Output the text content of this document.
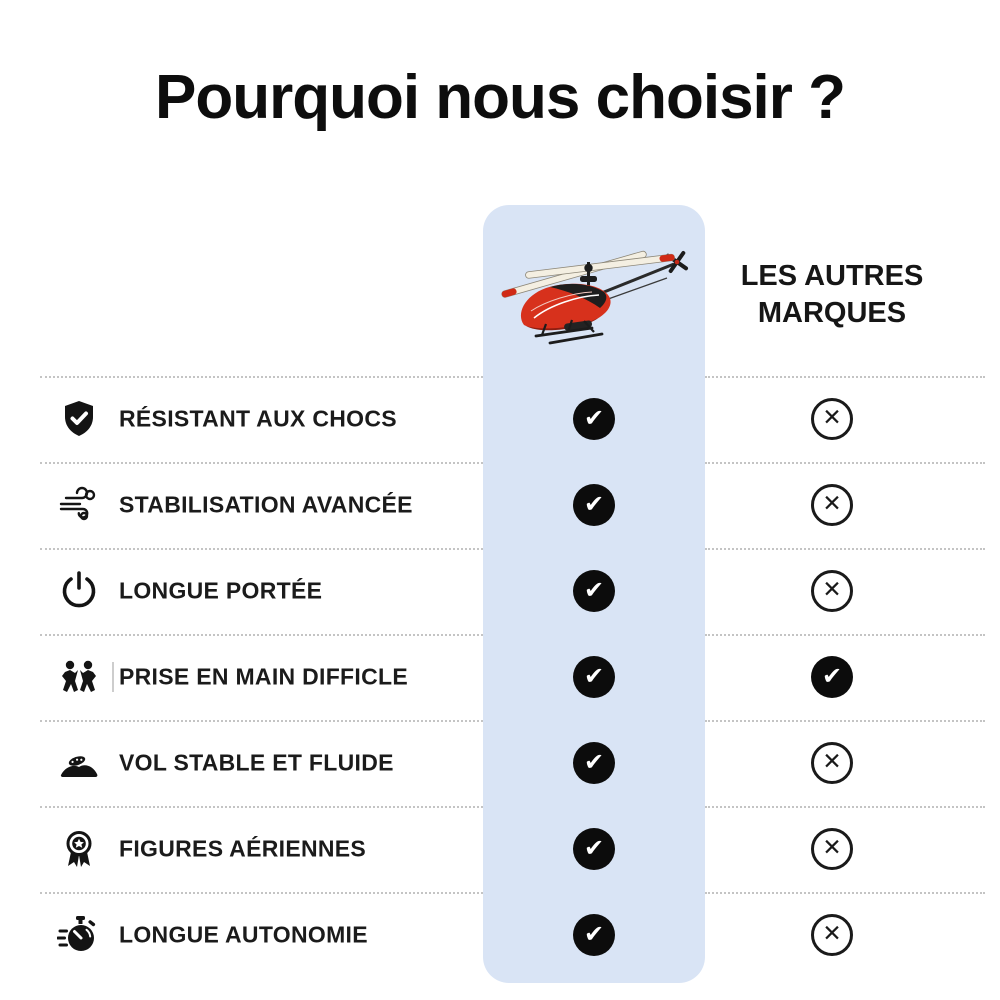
Pourquoi nous choisir ?
LES AUTRES MARQUES
RÉSISTANT AUX CHOCS
✔
✕
STABILISATION AVANCÉE
✔
✕
LONGUE PORTÉE
✔
✕
PRISE EN MAIN DIFFICLE
✔
✔
VOL STABLE ET FLUIDE
✔
✕
FIGURES AÉRIENNES
✔
✕
LONGUE AUTONOMIE
✔
✕
